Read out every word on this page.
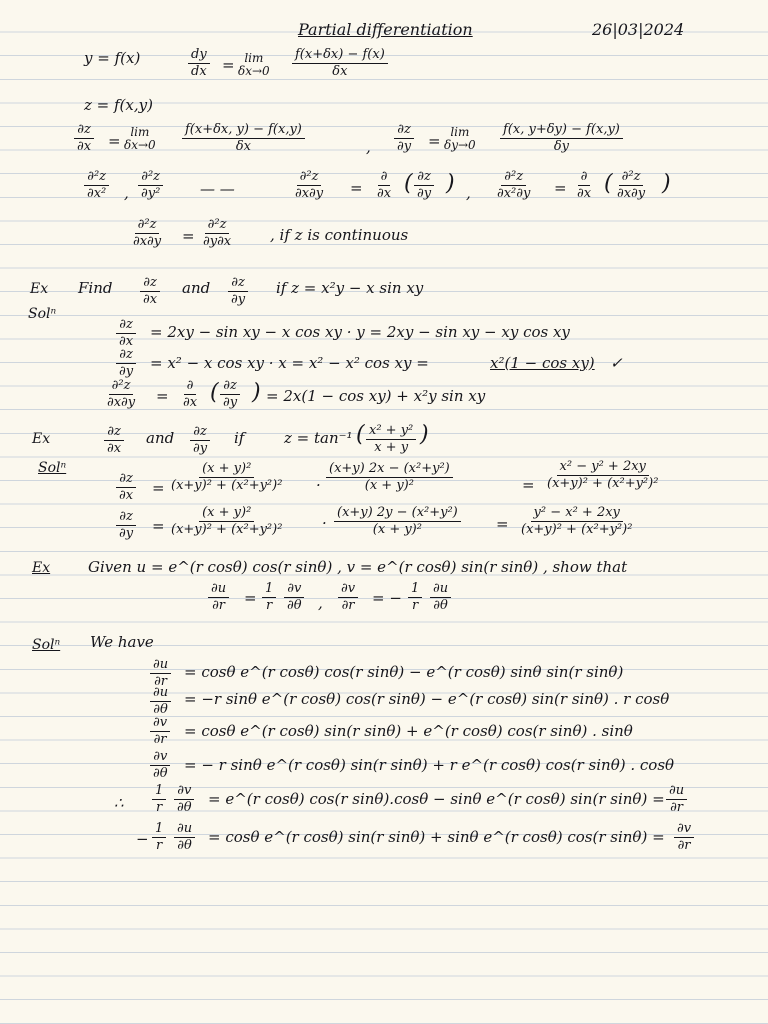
Partial differentiation	26|03|2024
y = f(x)	$\frac{dy}{dx} = \lim$
$\delta x\to 0 \frac{f(x+\delta x) - f(x)}{\delta x}$
z = f(x,y)
$\frac{\partial z}{\partial x} = \lim$
$\delta x\to 0 \frac{f(x+\delta x, y) - f(x,y)}{\delta x}$	, $\frac{\partial z}{\partial y} = \lim$
$\delta y\to 0 \frac{f(x, y+\delta y) - f(x,y)}{\delta y}$
$\frac{\text{∂²z}}{\text{∂x²}}$ , $\frac{\text{∂²z}}{\text{∂y²}}$ — —	$\frac{\text{∂²z}}{\partial x\partial y}$ =
∂
∂x ( $\frac{\partial z}{\partial y}$ ) , $\frac{\text{∂²z}}{\text{∂x²∂y}}$ =
∂
∂x ( $\frac{\text{∂²z}}{\partial x\partial y}$ )
$\frac{\text{∂²z}}{\partial x\partial y} = \frac{\text{∂²z}}{\partial y\partial x}$ , if z is continuous
Ex Find $\frac{\partial z}{\partial x}$ and $\frac{\partial z}{\partial y}$ if z = x²y − x sin xy
Solⁿ
$\frac{\partial z}{\partial x} = 2xy - \sin$ xy − x cos xy · y = 2xy − sin xy − xy cos xy
$\frac{\partial z}{\partial y} = x^2 - x$ cos xy · x = x² − x² cos xy =	x²(1 − cos xy) ✓
$\frac{\text{∂²z}}{\partial x\partial y}$ =
∂
∂x ( $\frac{\partial z}{\partial y}$ ) = 2x(1 − cos xy) + x²y sin xy
Ex	$\frac{\partial z}{\partial x}$ and $\frac{\partial z}{\partial y}$ if	z = tan⁻¹ ( $\frac{\text{x² + y²}}{x + y}$ )
Solⁿ
$\frac{\partial z}{\partial x} = \frac{\text{(x + y)²}}{\text{(x+y)² + (x²+y²)²}} \cdot \frac{\text{(x+y) 2x − (x²+y²)}}{\text{(x + y)²}}$	= $\frac{\text{x² − y² + 2xy}}{\text{(x+y)² + (x²+y²)²}}$
$\frac{\partial z}{\partial y} = \frac{\text{(x + y)²}}{\text{(x+y)² + (x²+y²)²}} \cdot \frac{\text{(x+y) 2y − (x²+y²)}}{\text{(x + y)²}} = \frac{\text{y² − x² + 2xy}}{\text{(x+y)² + (x²+y²)²}}$
Ex	Given u = e^(r cosθ) cos(r sinθ) , v = e^(r cosθ) sin(r sinθ) , show that
$\frac{\partial u}{\partial r} = \frac{1}{r} \frac{\partial v}{\partial\theta}$ , $\frac{\partial v}{\partial r}$ = − $\frac{1}{r} \frac{\partial u}{\partial\theta}$
Solⁿ We have
$\frac{\partial u}{\partial r} = \cos\theta$ e^(r cosθ) cos(r sinθ) − e^(r cosθ) sinθ sin(r sinθ)
$\frac{\partial u}{\partial\theta} = -r$ sinθ e^(r cosθ) cos(r sinθ) − e^(r cosθ) sin(r sinθ) . r cosθ
$\frac{\partial v}{\partial r} = \cos\theta$ e^(r cosθ) sin(r sinθ) + e^(r cosθ) cos(r sinθ) . sinθ
$\frac{\partial v}{\partial\theta}$ = − r sinθ e^(r cosθ) sin(r sinθ) + r e^(r cosθ) cos(r sinθ) . cosθ
∴ $\frac{1}{r} \frac{\partial v}{\partial\theta}$ = e^(r cosθ) cos(r sinθ).cosθ − sinθ e^(r cosθ) sin(r $\sin\theta) = \frac{\partial u}{\partial r}$
− $\frac{1}{r} \frac{\partial u}{\partial\theta} = \cos\theta$ e^(r cosθ) sin(r sinθ) + sinθ e^(r cosθ) cos(r $\sin\theta) = \frac{\partial v}{\partial r}$
